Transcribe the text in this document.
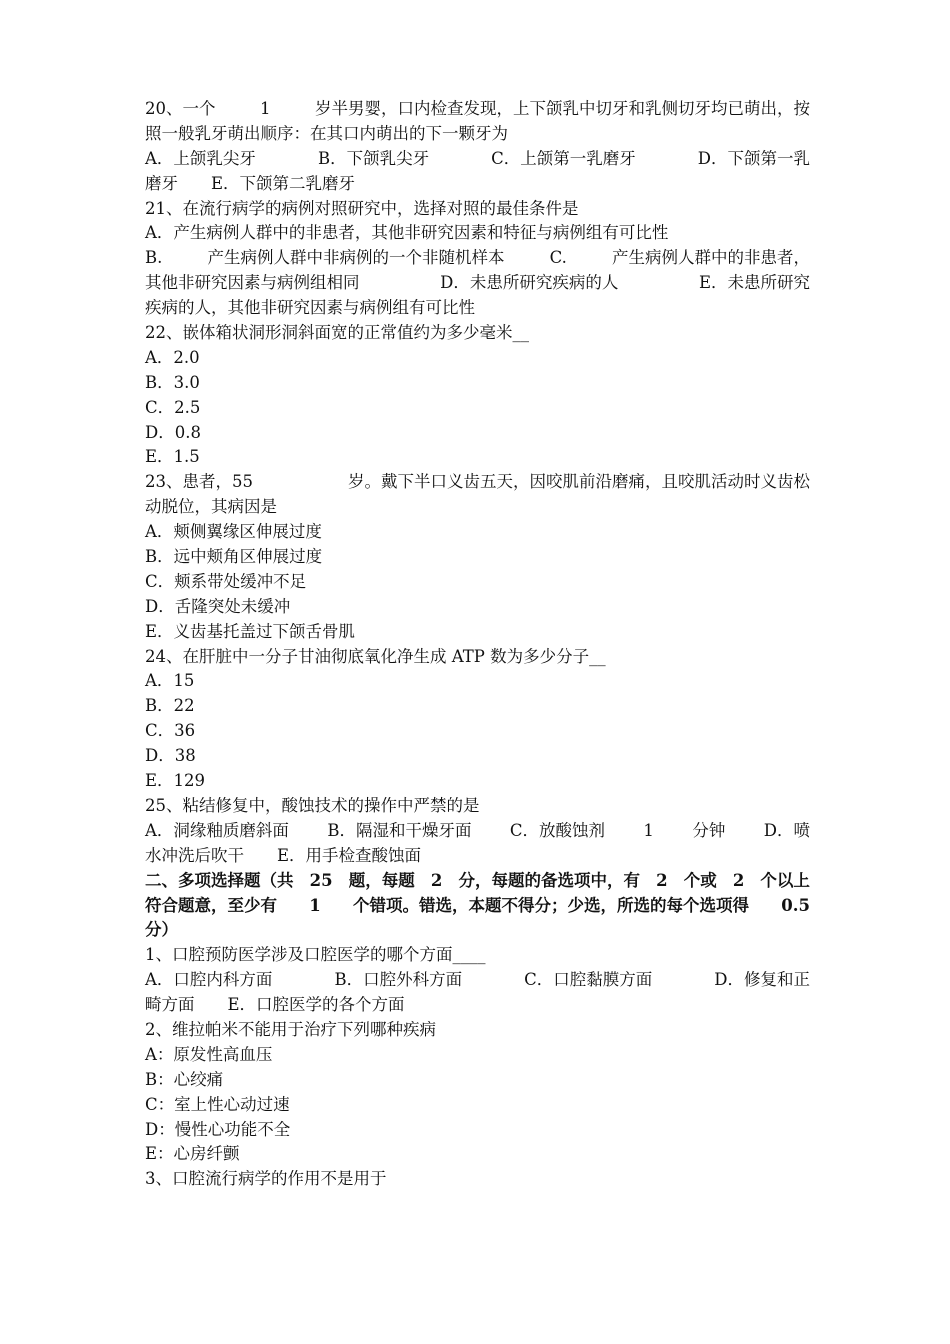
20、一个	1	岁半男婴，口内检查发现，上下颌乳中切牙和乳侧切牙均已萌出，按
照一般乳牙萌出顺序：在其口内萌出的下一颗牙为
A．上颌乳尖牙	B．下颌乳尖牙	C．上颌第一乳磨牙	D．下颌第一乳
磨牙　　E．下颌第二乳磨牙
21、在流行病学的病例对照研究中，选择对照的最佳条件是
A．产生病例人群中的非患者，其他非研究因素和特征与病例组有可比性
B.	产生病例人群中非病例的一个非随机样本	C.	产生病例人群中的非患者，
其他非研究因素与病例组相同	D．未患所研究疾病的人	E．未患所研究
疾病的人，其他非研究因素与病例组有可比性
22、嵌体箱状洞形洞斜面宽的正常值约为多少毫米__
A．2.0
B．3.0
C．2.5
D．0.8
E．1.5
23、患者，55	岁。戴下半口义齿五天，因咬肌前沿磨痛，且咬肌活动时义齿松
动脱位，其病因是
A．颊侧翼缘区伸展过度
B．远中颊角区伸展过度
C．颊系带处缓冲不足
D．舌隆突处未缓冲
E．义齿基托盖过下颌舌骨肌
24、在肝脏中一分子甘油彻底氧化净生成 ATP 数为多少分子__
A．15
B．22
C．36
D．38
E．129
25、粘结修复中，酸蚀技术的操作中严禁的是
A．洞缘釉质磨斜面 B．隔湿和干燥牙面 C．放酸蚀剂 1 分钟 D．喷
水冲洗后吹干　　E．用手检查酸蚀面
二、多项选择题（共 25 题，每题 2 分，每题的备选项中，有 2 个或 2 个以上
符合题意，至少有 1 个错项。错选，本题不得分；少选，所选的每个选项得 0.5
分）
1、口腔预防医学涉及口腔医学的哪个方面____
A．口腔内科方面	B．口腔外科方面	C．口腔黏膜方面	D．修复和正
畸方面　　E．口腔医学的各个方面
2、维拉帕米不能用于治疗下列哪种疾病
A：原发性高血压
B：心绞痛
C：室上性心动过速
D：慢性心功能不全
E：心房纤颤
3、口腔流行病学的作用不是用于
